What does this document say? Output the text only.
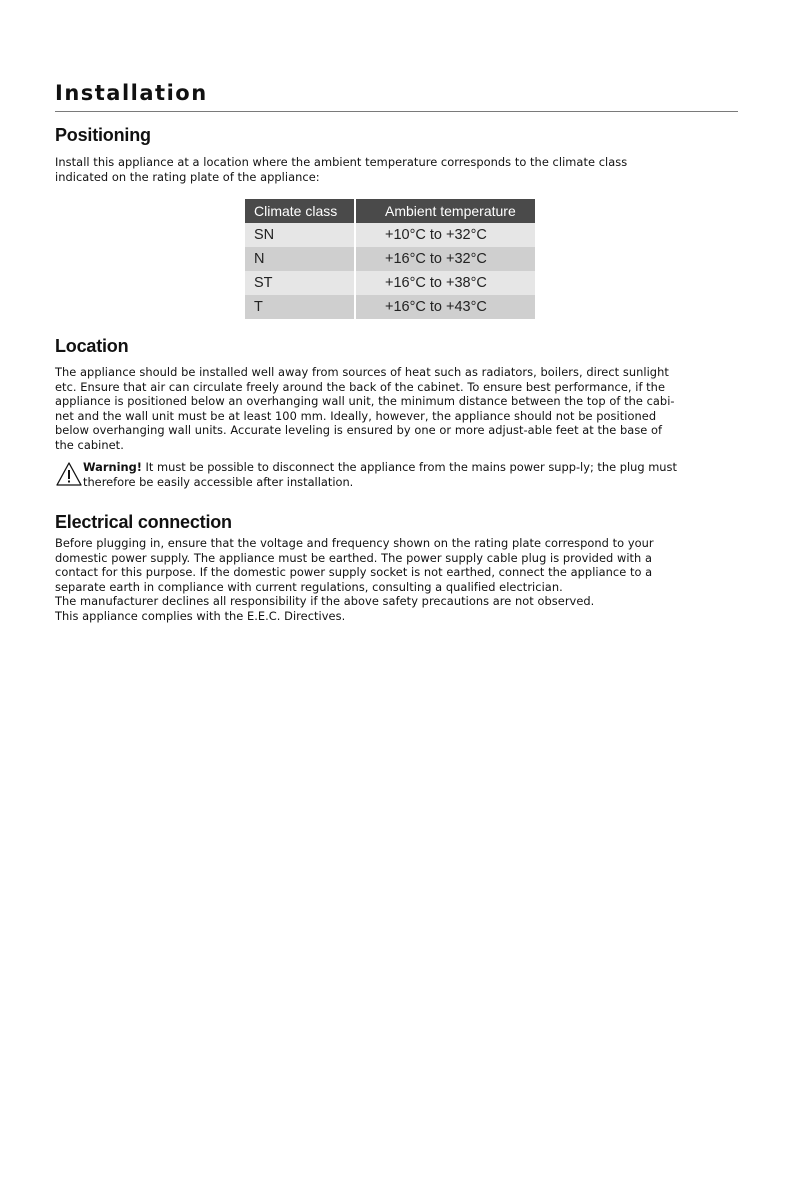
Installation
Positioning

Install this appliance at a location where the ambient temperature corresponds to the climate class
indicated on the rating plate of the appliance:

Climate class	Ambient temperature
SN	+10°C to +32°C
N	+16°C to +32°C
ST	+16°C to +38°C
T	+16°C to +43°C
Location

The appliance should be installed well away from sources of heat such as radiators, boilers, direct sunlight
etc. Ensure that air can circulate freely around the back of the cabinet. To ensure best performance, if the
appliance is positioned below an overhanging wall unit, the minimum distance between the top of the cabi-
net and the wall unit must be at least 100 mm. Ideally, however, the appliance should not be positioned
below overhanging wall units. Accurate leveling is ensured by one or more adjust-able feet at the base of
the cabinet.

Warning! It must be possible to disconnect the appliance from the mains power supp-ly; the plug must
therefore be easily accessible after installation.
Electrical connection

Before plugging in, ensure that the voltage and frequency shown on the rating plate correspond to your
domestic power supply. The appliance must be earthed. The power supply cable plug is provided with a
contact for this purpose. If the domestic power supply socket is not earthed, connect the appliance to a
separate earth in compliance with current regulations, consulting a qualified electrician.
The manufacturer declines all responsibility if the above safety precautions are not observed.
This appliance complies with the E.E.C. Directives.
